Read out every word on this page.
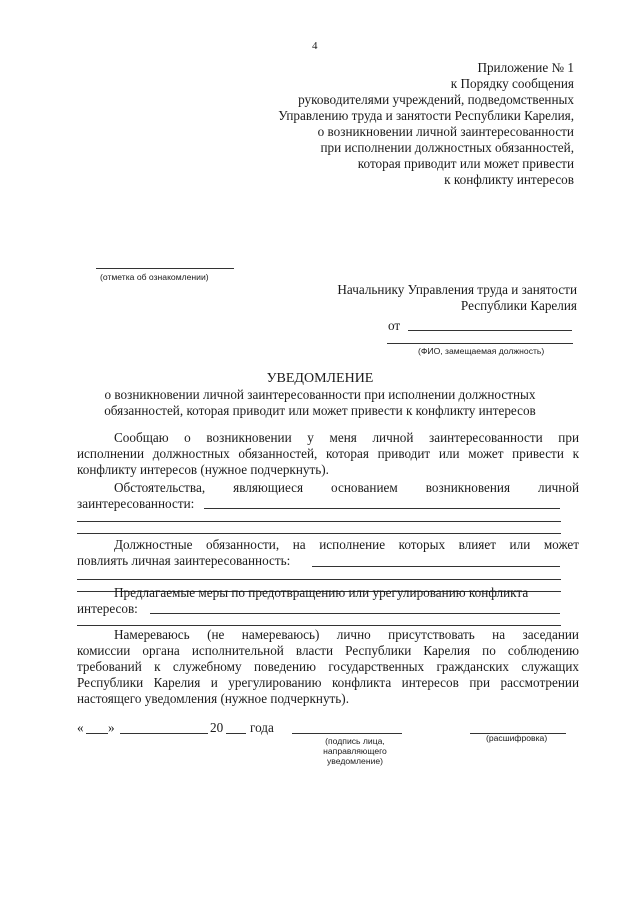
4
Приложение № 1
к Порядку сообщения
руководителями учреждений, подведомственных
Управлению труда и занятости Республики Карелия,
о возникновении личной заинтересованности
при исполнении должностных обязанностей,
которая приводит или может привести
к конфликту интересов
(отметка об ознакомлении)
Начальнику Управления труда и занятости
Республики Карелия
от
(ФИО, замещаемая должность)
УВЕДОМЛЕНИЕ
о возникновении личной заинтересованности при исполнении должностных
обязанностей, которая приводит или может привести к конфликту интересов
Сообщаю о возникновении у меня личной заинтересованности при
исполнении должностных обязанностей, которая приводит или может привести к
конфликту интересов (нужное подчеркнуть).
Обстоятельства, являющиеся основанием возникновения личной
заинтересованности:
Должностные обязанности, на исполнение которых влияет или может
повлиять личная заинтересованность:
Предлагаемые меры по предотвращению или урегулированию конфликта
интересов:
Намереваюсь (не намереваюсь) лично присутствовать на заседании
комиссии органа исполнительной власти Республики Карелия по соблюдению
требований к служебному поведению государственных гражданских служащих
Республики Карелия и урегулированию конфликта интересов при рассмотрении
настоящего уведомления (нужное подчеркнуть).
« »	20 года
(подпись лица,
направляющего
уведомление)
(расшифровка)
